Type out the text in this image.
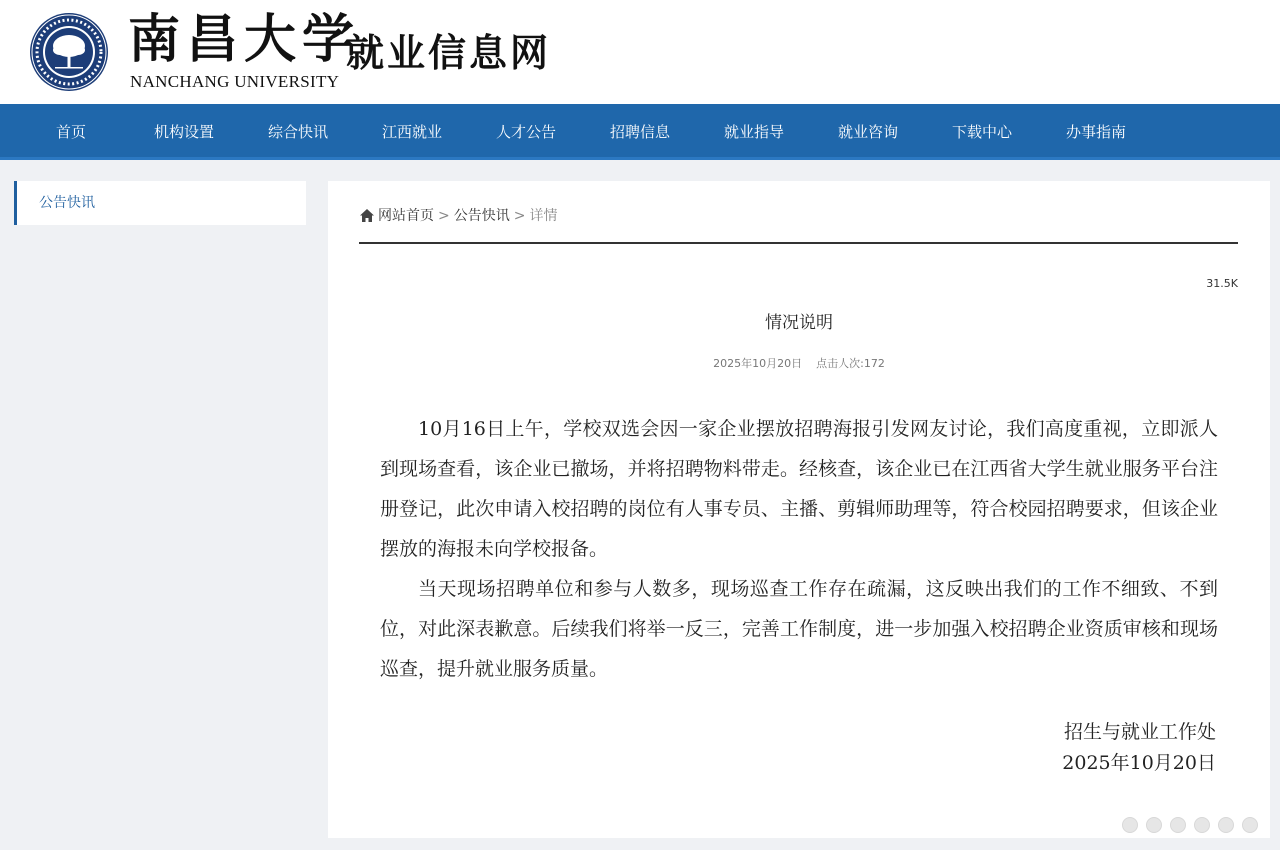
南昌大学
NANCHANG UNIVERSITY
就业信息网
首页	机构设置	综合快讯	江西就业	人才公告	招聘信息	就业指导	就业咨询	下载中心	办事指南
公告快讯
网站首页 > 公告快讯 > 详情
31.5K
情况说明
2025年10月20日 点击人次:172

10月16日上午，学校双选会因一家企业摆放招聘海报引发网友讨论，我们高度重视，立即派人到现场查看，该企业已撤场，并将招聘物料带走。经核查，该企业已在江西省大学生就业服务平台注册登记，此次申请入校招聘的岗位有人事专员、主播、剪辑师助理等，符合校园招聘要求，但该企业摆放的海报未向学校报备。

当天现场招聘单位和参与人数多，现场巡查工作存在疏漏，这反映出我们的工作不细致、不到位，对此深表歉意。后续我们将举一反三，完善工作制度，进一步加强入校招聘企业资质审核和现场巡查，提升就业服务质量。

招生与就业工作处
2025年10月20日
